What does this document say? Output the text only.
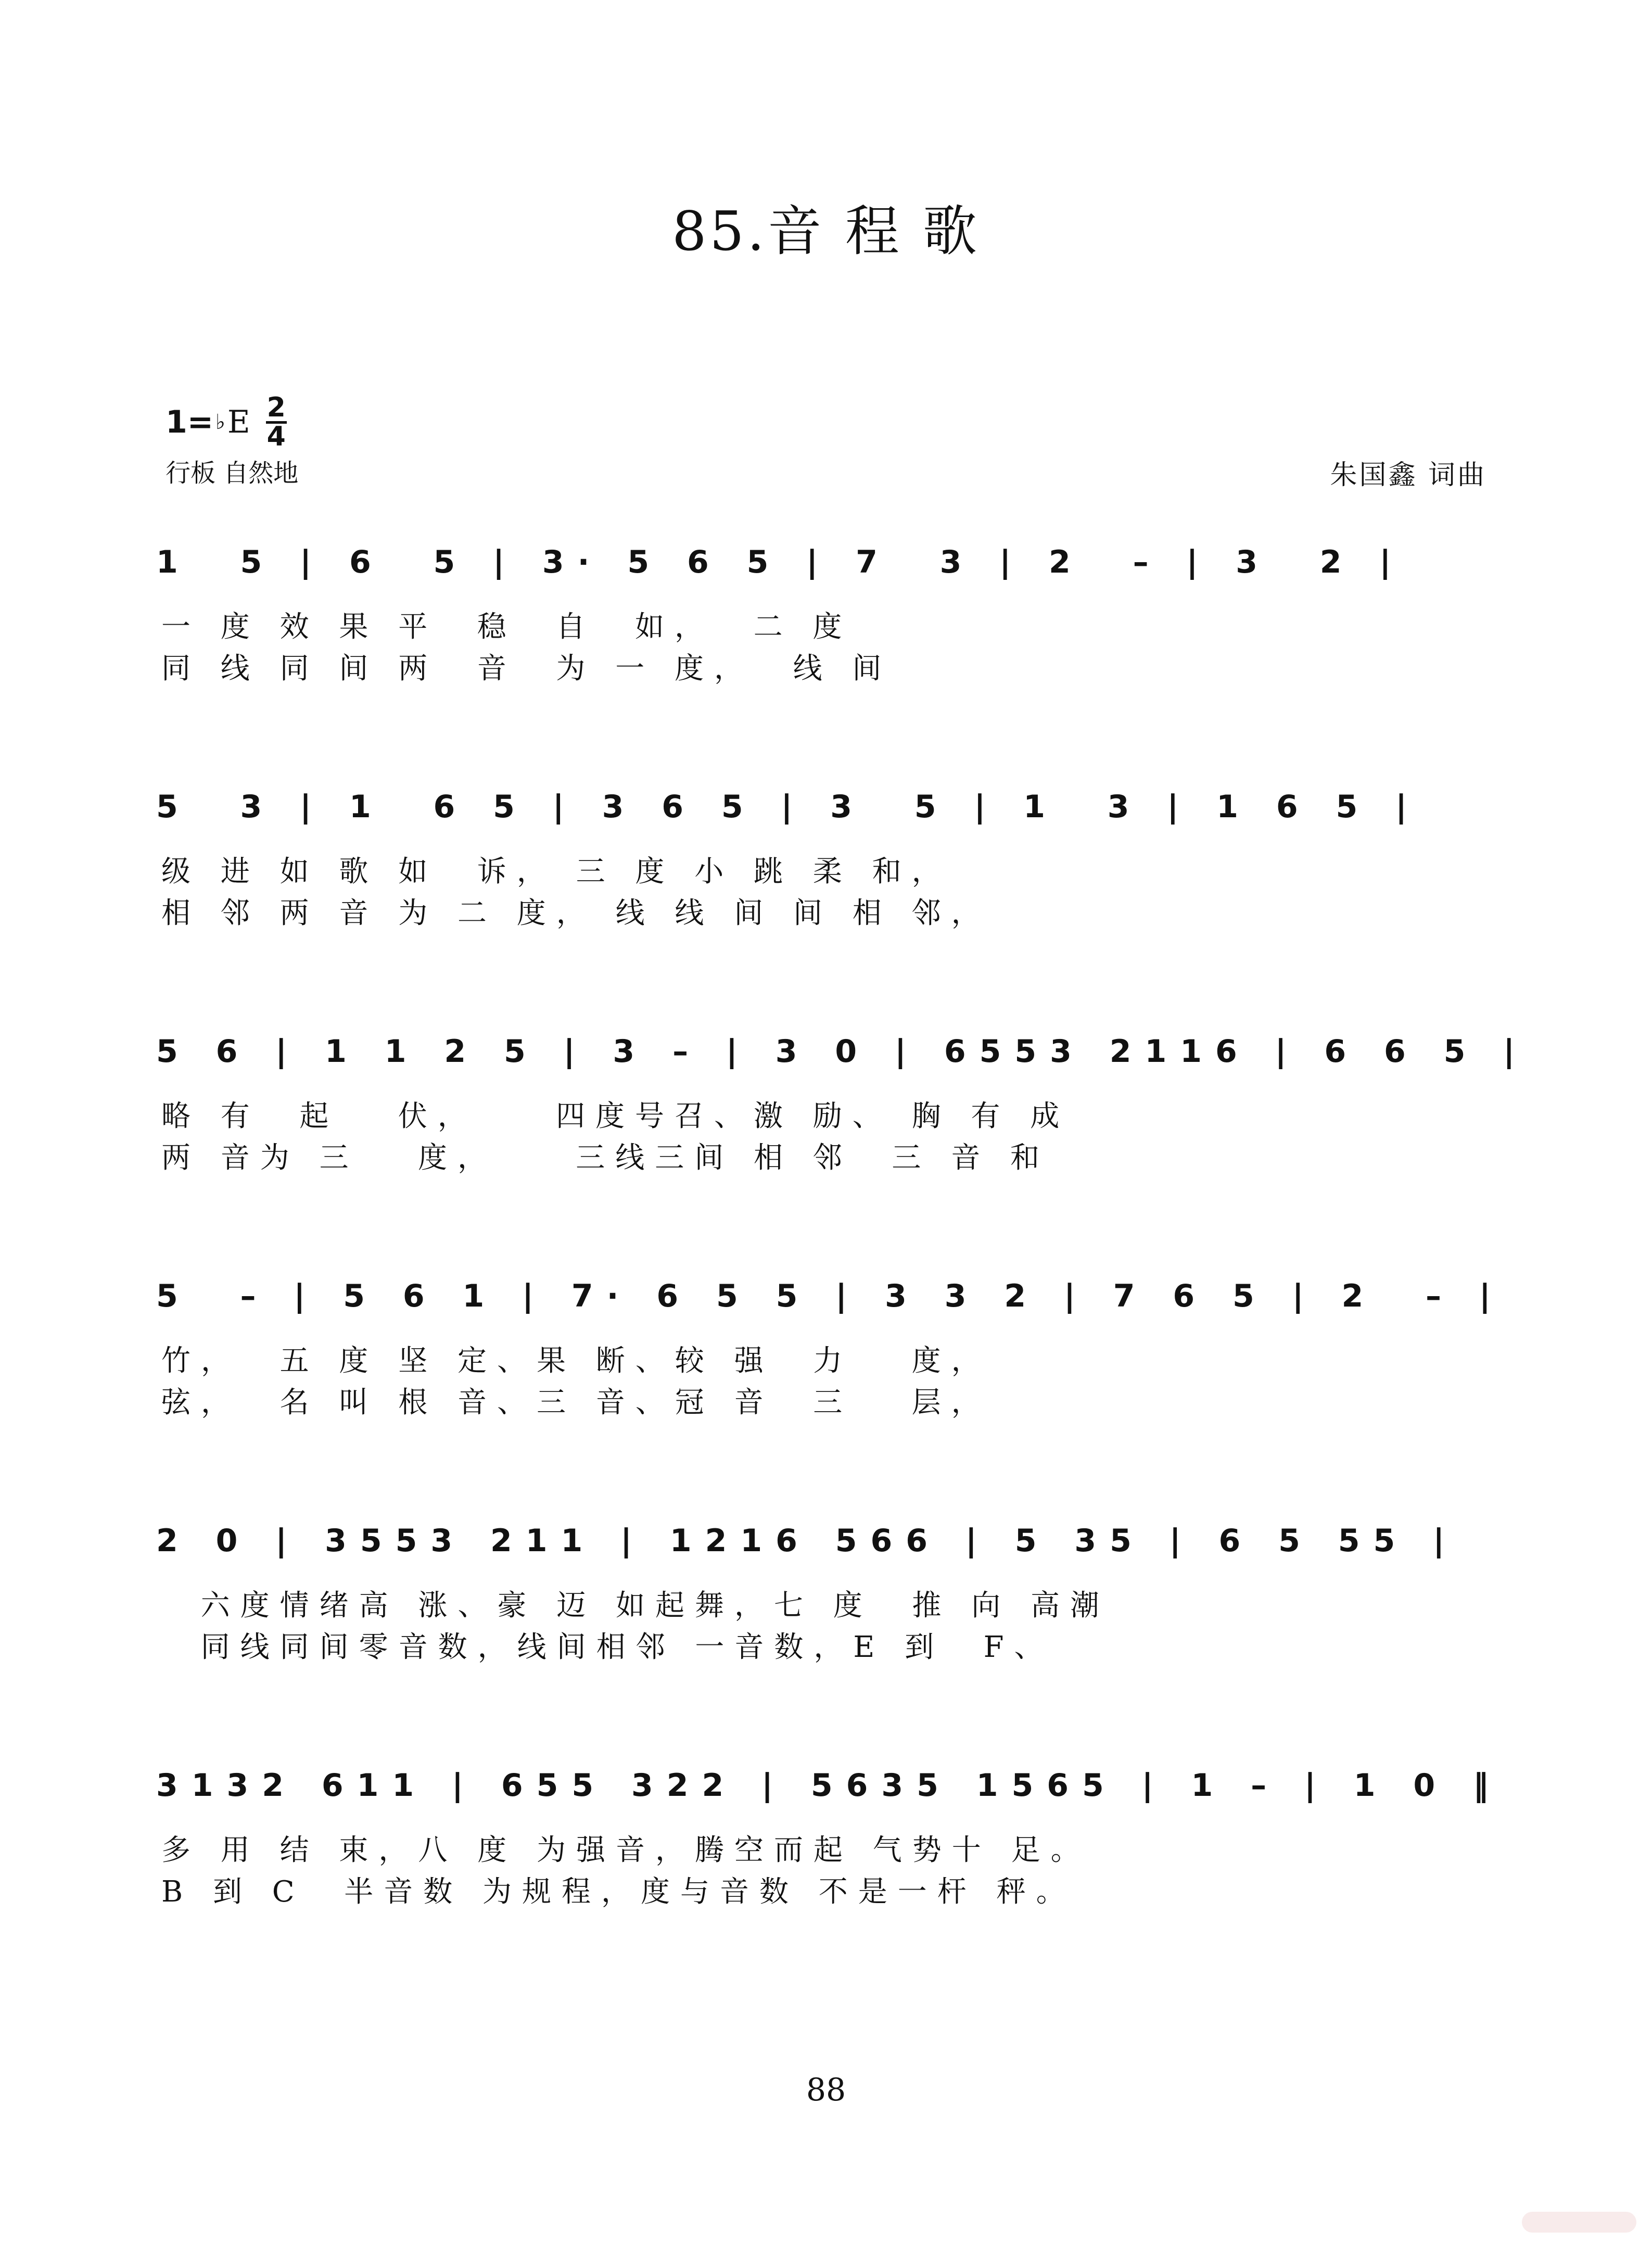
85.音 程 歌
1= ♭ E 2
4
行板 自然地	朱国鑫 词曲
1  5 | 6  5 | 3· 5 6 5 | 7  3 | 2  – | 3  2 |
一 度 效 果 平  稳  自  如，  二 度
同 线 同 间 两  音  为 一 度，  线 间
5  3 | 1  6 5 | 3 6 5 | 3  5 | 1  3 | 1 6 5 |
级 进 如 歌 如  诉， 三 度 小 跳 柔 和，
相 邻 两 音 为 二 度， 线 线 间 间 相 邻，
5 6 | 1 1 2 5 | 3 – | 3 0 | 6553 2116 | 6 6 5 |
略 有  起   伏，    四度号召、激 励、 胸 有 成
两 音为 三   度，    三线三间 相 邻  三 音 和
5  – | 5 6 1 | 7· 6 5 5 | 3 3 2 | 7 6 5 | 2  – |
竹，  五 度 坚 定、果 断、较 强  力   度，
弦，  名 叫 根 音、三 音、冠 音  三   层，
2 0 | 3553 211 | 1216 566 | 5 35 | 6 5 55 |
六度情绪高 涨、豪 迈 如起舞，七 度  推 向 高潮
同线同间零音数，线间相邻 一音数，E 到  F、
3132 611 | 655 322 | 5635 1565 | 1 – | 1 0 ‖
多 用 结 束，八 度 为强音，腾空而起 气势十 足。
B 到 C  半音数 为规程，度与音数 不是一杆 秤。
88
